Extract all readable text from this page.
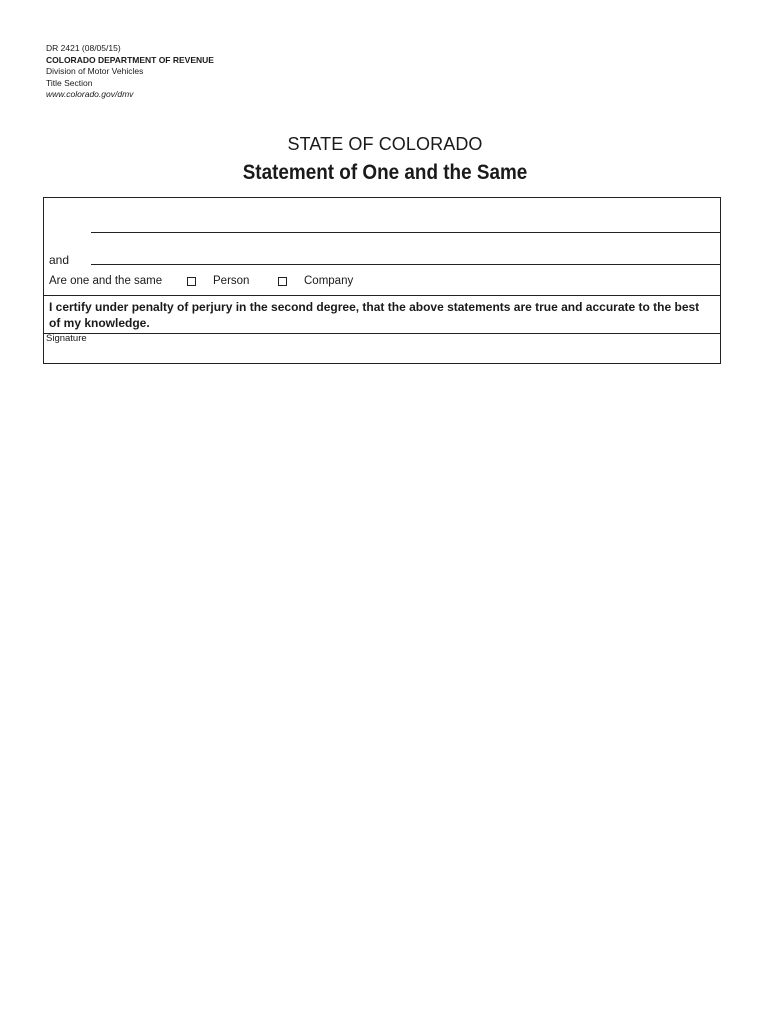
DR 2421 (08/05/15)
COLORADO DEPARTMENT OF REVENUE
Division of Motor Vehicles
Title Section
www.colorado.gov/dmv
STATE OF COLORADO
Statement of One and the Same
and
Are one and the same	Person	Company
I certify under penalty of perjury in the second degree, that the above statements are true and accurate to the best of my knowledge.
Signature
